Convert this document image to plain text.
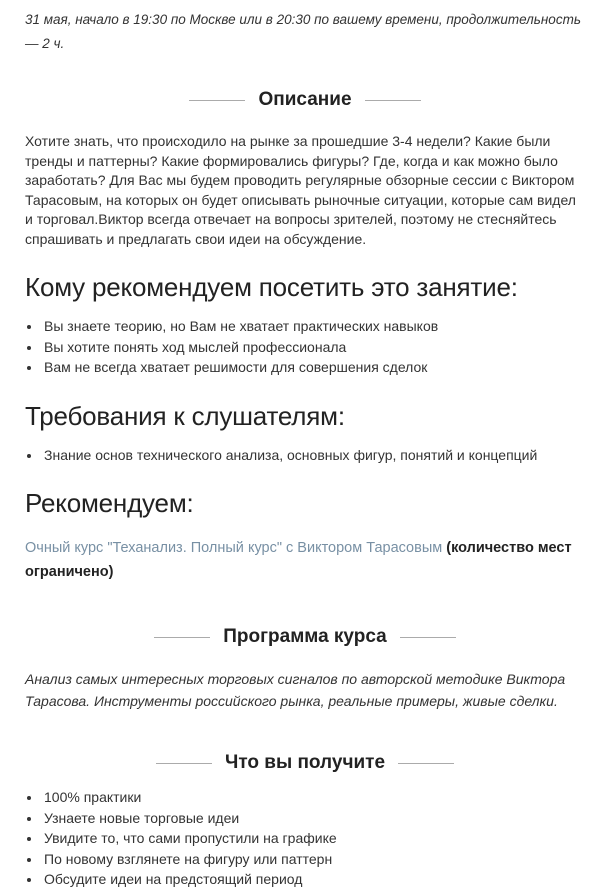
31 мая, начало в 19:30 по Москве или в 20:30 по вашему времени, продолжительность — 2 ч.

Описание

Хотите знать, что происходило на рынке за прошедшие 3-4 недели? Какие были тренды и паттерны? Какие формировались фигуры? Где, когда и как можно было заработать? Для Вас мы будем проводить регулярные обзорные сессии с Виктором Тарасовым, на которых он будет описывать рыночные ситуации, которые сам видел и торговал.Виктор всегда отвечает на вопросы зрителей, поэтому не стесняйтесь спрашивать и предлагать свои идеи на обсуждение.

Кому рекомендуем посетить это занятие:
• Вы знаете теорию, но Вам не хватает практических навыков
• Вы хотите понять ход мыслей профессионала
• Вам не всегда хватает решимости для совершения сделок
Требования к слушателям:
• Знание основ технического анализа, основных фигур, понятий и концепций
Рекомендуем:

Очный курс "Теханализ. Полный курс" с Виктором Тарасовым (количество мест ограничено)

Программа курса

Анализ самых интересных торговых сигналов по авторской методике Виктора Тарасова. Инструменты российского рынка, реальные примеры, живые сделки.

Что вы получите
• 100% практики
• Узнаете новые торговые идеи
• Увидите то, что сами пропустили на графике
• По новому взглянете на фигуру или паттерн
• Обсудите идеи на предстоящий период
